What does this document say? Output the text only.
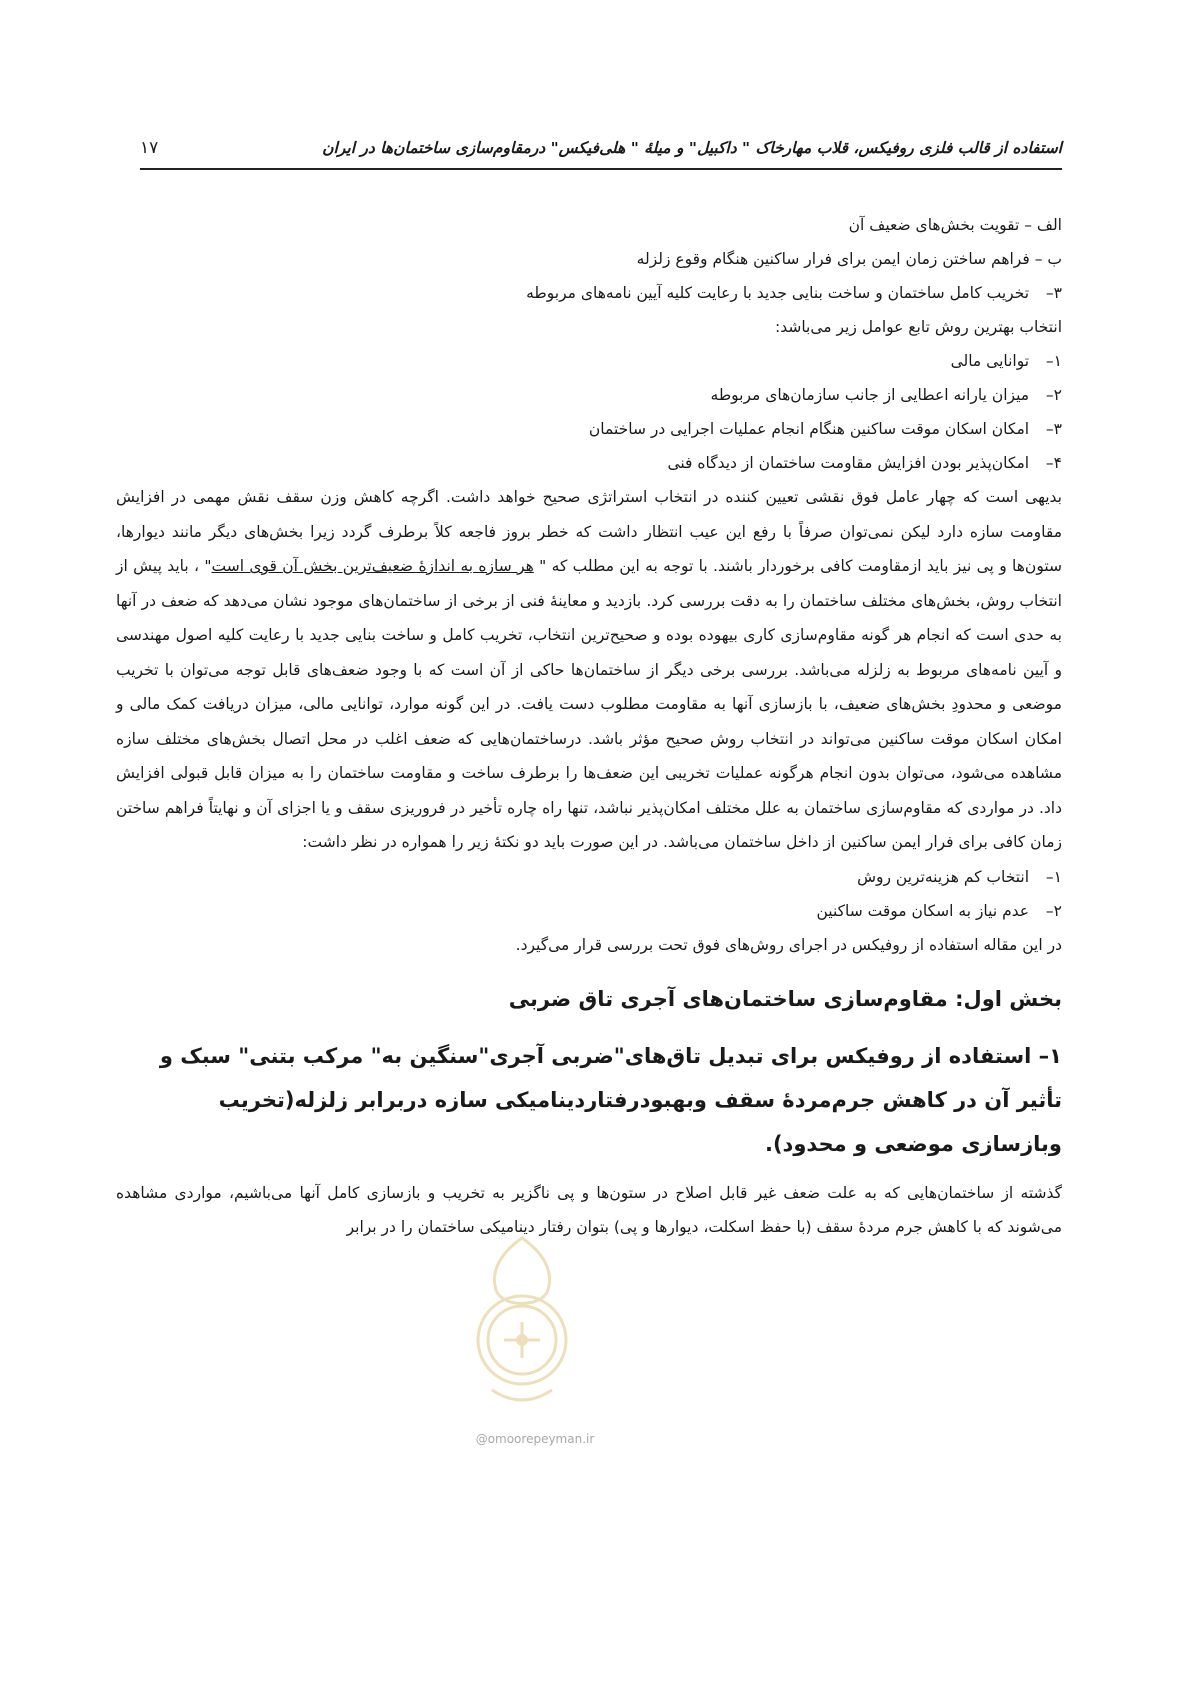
استفاده از قالب فلزی روفیکس، قلاب مهارخاک " داکبیل" و میلهٔ " هلی‌فیکس" درمقاوم‌سازی ساختمان‌ها در ایران
۱۷
الف – تقویت بخش‌های ضعیف آن
ب – فراهم ساختن زمان ایمن برای فرار ساکنین هنگام وقوع زلزله
۳– تخریب کامل ساختمان و ساخت بنایی جدید با رعایت کلیه آیین نامه‌های مربوطه
انتخاب بهترین روش تابع عوامل زیر می‌باشد:
۱– توانایی مالی
۲– میزان یارانه اعطایی از جانب سازمان‌های مربوطه
۳– امکان اسکان موقت ساکنین هنگام انجام عملیات اجرایی در ساختمان
۴– امکان‌پذیر بودن افزایش مقاومت ساختمان از دیدگاه فنی

بدیهی است که چهار عامل فوق نقشی تعیین کننده در انتخاب استراتژی صحیح خواهد داشت. اگرچه کاهش وزن سقف نقش مهمی در افزایش مقاومت سازه دارد لیکن نمی‌توان صرفاً با رفع این عیب انتظار داشت که خطر بروز فاجعه کلاً برطرف گردد زیرا بخش‌های دیگر مانند دیوارها، ستون‌ها و پی نیز باید ازمقاومت کافی برخوردار باشند. با توجه به این مطلب که " هر سازه به اندازهٔ ضعیف‌ترین بخش آن قوی است" ، باید پیش از انتخاب روش، بخش‌های مختلف ساختمان را به دقت بررسی کرد. بازدید و معاینهٔ فنی از برخی از ساختمان‌های موجود نشان می‌دهد که ضعف در آنها به حدی است که انجام هر گونه مقاوم‌سازی کاری بیهوده بوده و صحیح‌ترین انتخاب، تخریب کامل و ساخت بنایی جدید با رعایت کلیه اصول مهندسی و آیین نامه‌های مربوط به زلزله می‌باشد. بررسی برخی دیگر از ساختمان‌ها حاکی از آن است که با وجود ضعف‌های قابل توجه می‌توان با تخریب موضعی و محدودِ بخش‌های ضعیف، با بازسازی آنها به مقاومت مطلوب دست یافت. در این گونه موارد، توانایی مالی، میزان دریافت کمک مالی و امکان اسکان موقت ساکنین می‌تواند در انتخاب روش صحیح مؤثر باشد. درساختمان‌هایی که ضعف اغلب در محل اتصال بخش‌های مختلف سازه مشاهده می‌شود، می‌توان بدون انجام هرگونه عملیات تخریبی این ضعف‌ها را برطرف ساخت و مقاومت ساختمان را به میزان قابل قبولی افزایش داد. در مواردی که مقاوم‌سازی ساختمان به علل مختلف امکان‌پذیر نباشد، تنها راه چاره تأخیر در فروریزی سقف و یا اجزای آن و نهایتاً فراهم ساختن زمان کافی برای فرار ایمن ساکنین از داخل ساختمان می‌باشد. در این صورت باید دو نکتهٔ زیر را همواره در نظر داشت:

۱– انتخاب کم هزینه‌ترین روش
۲– عدم نیاز به اسکان موقت ساکنین
در این مقاله استفاده از روفیکس در اجرای روش‌های فوق تحت بررسی قرار می‌گیرد.
بخش اول: مقاوم‌سازی ساختمان‌های آجری تاق ضربی

۱– استفاده از روفیکس برای تبدیل تاق‌های"ضربی آجری"سنگین به" مرکب بتنی" سبک و تأثیر آن در کاهش جرم‌مردهٔ سقف وبهبودرفتاردینامیکی سازه دربرابر زلزله(تخریب وبازسازی موضعی و محدود).

گذشته از ساختمان‌هایی که به علت ضعف غیر قابل اصلاح در ستون‌ها و پی ناگزیر به تخریب و بازسازی کامل آنها می‌باشیم، مواردی مشاهده می‌شوند که با کاهش جرم مردهٔ سقف (با حفظ اسکلت، دیوارها و پی) بتوان رفتار دینامیکی ساختمان را در برابر

@omoorepeyman.ir
